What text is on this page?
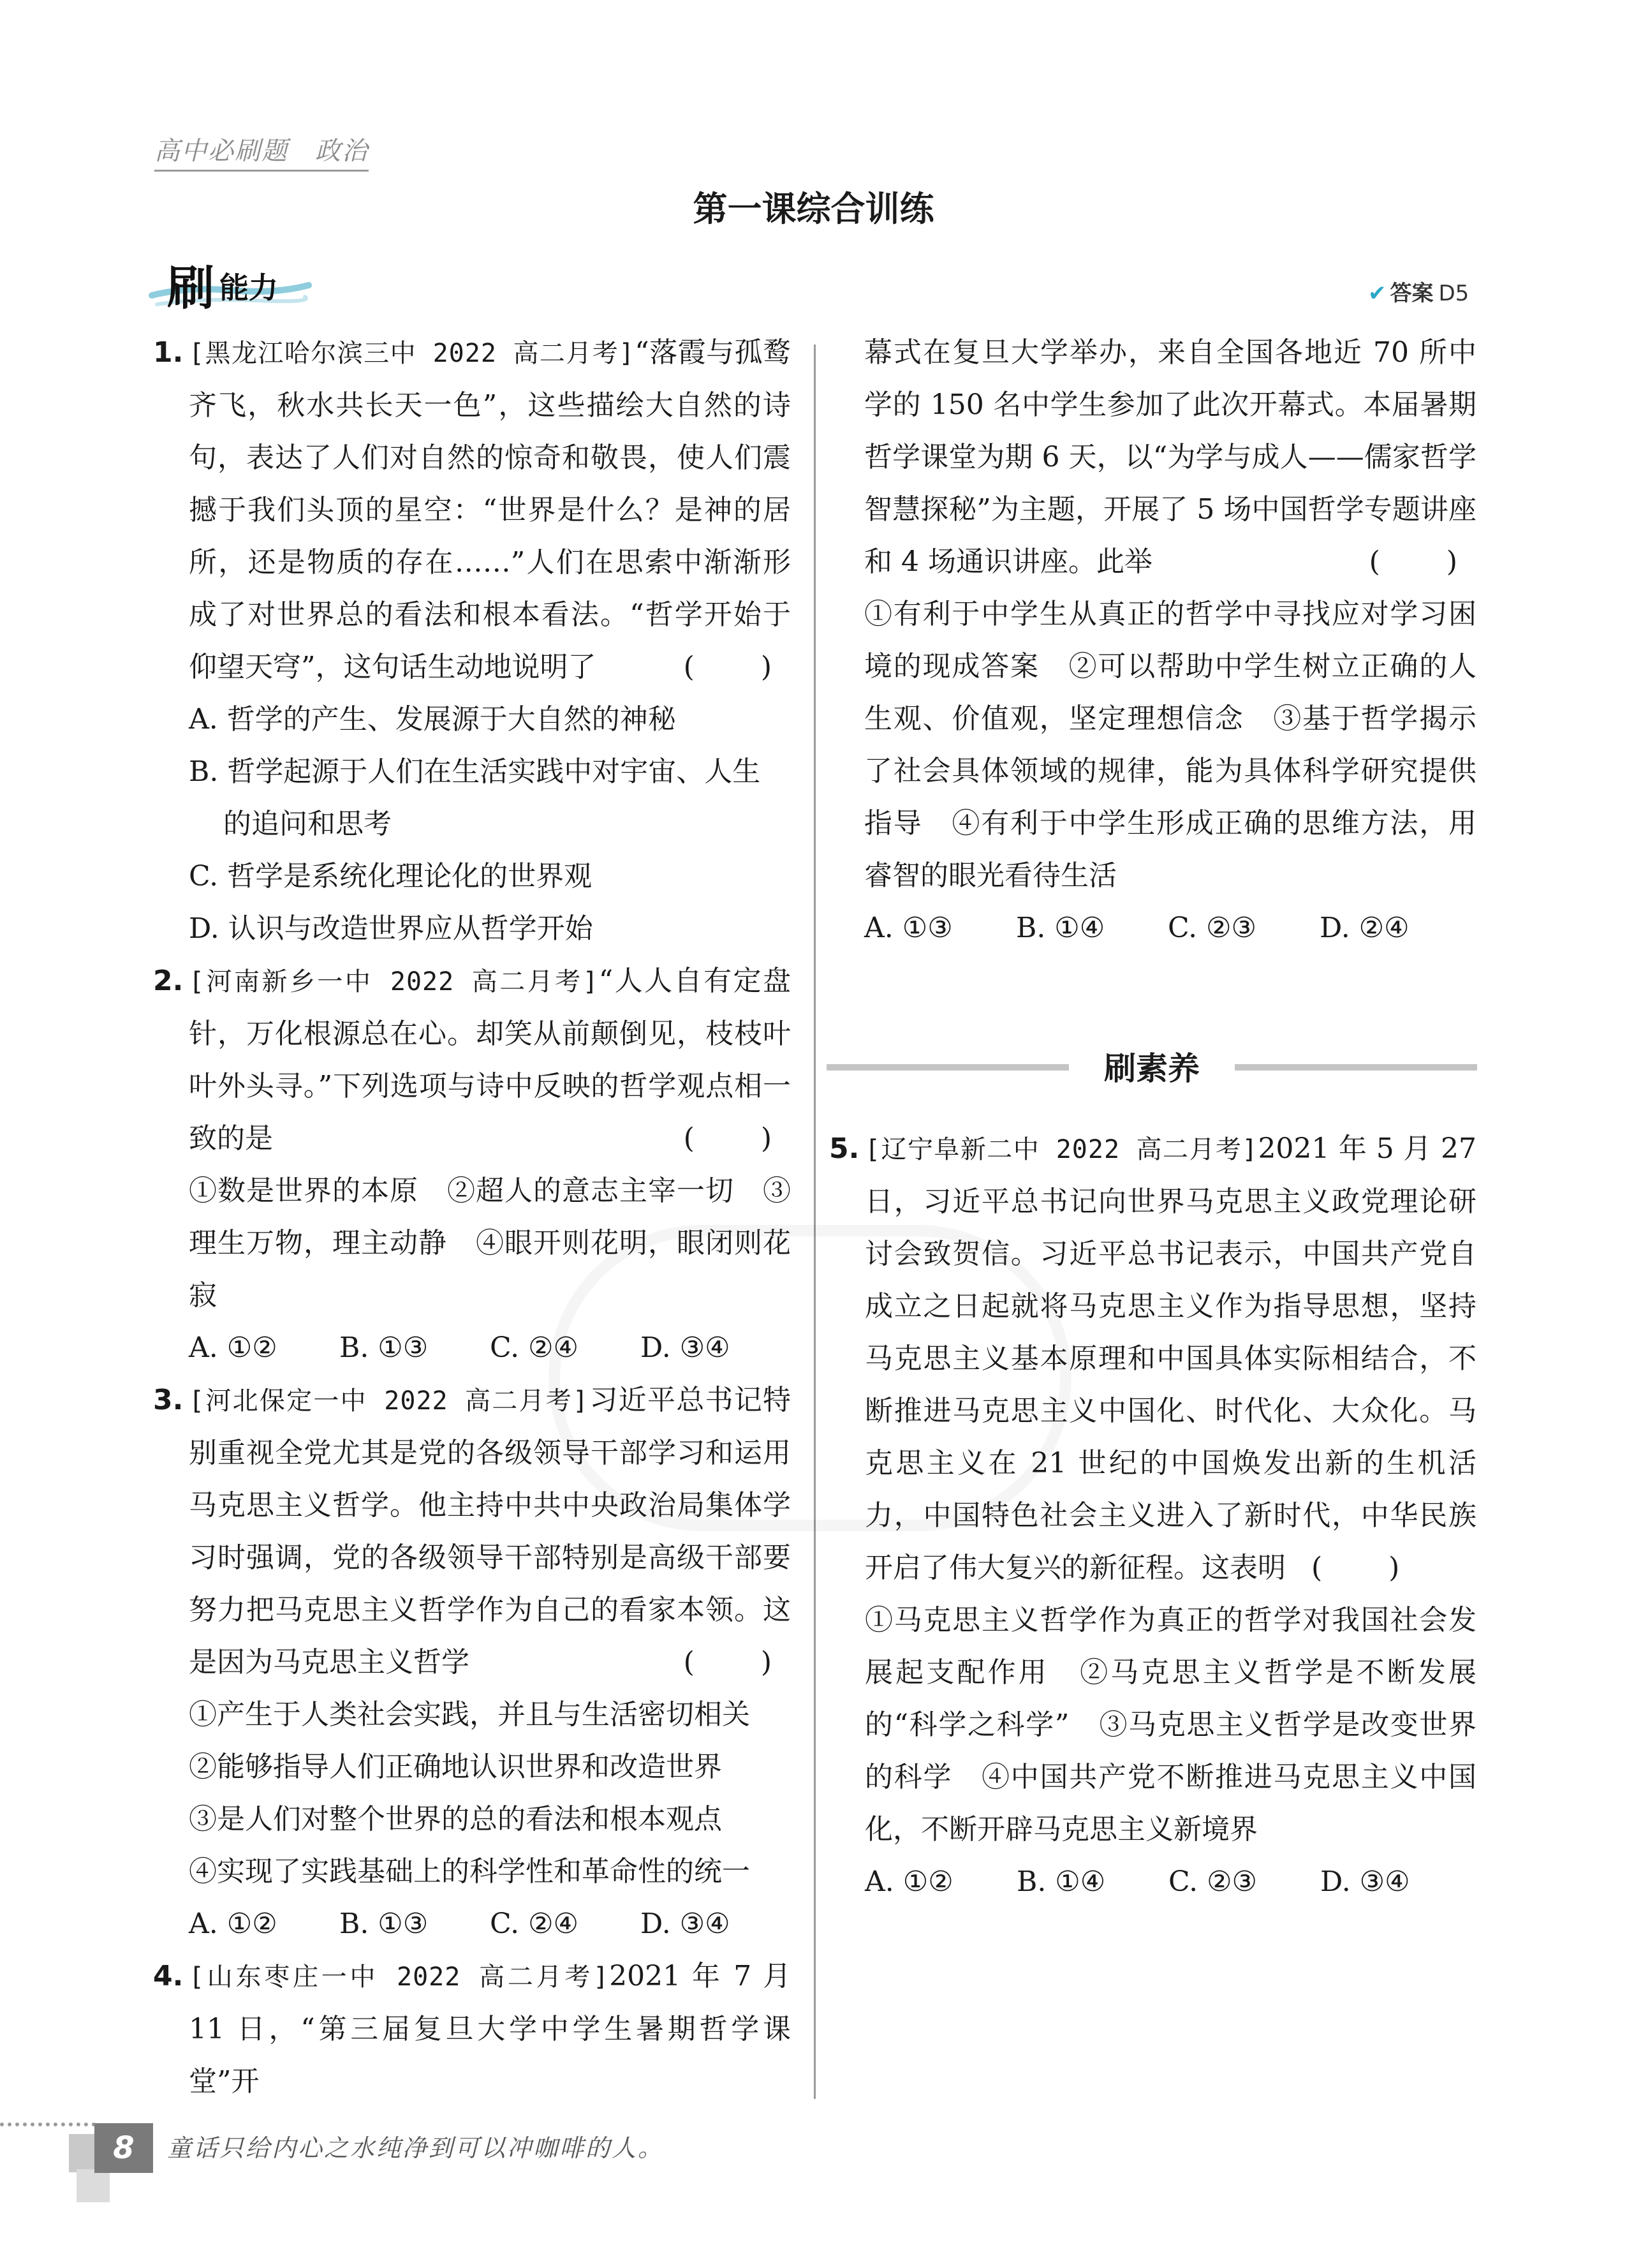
高中必刷题　政治
第一课综合训练
刷 能力	✔ 答案 D5

1. [黑龙江哈尔滨三中 2022 高二月考]“落霞与孤鹜齐飞，秋水共长天一色”，这些描绘大自然的诗句，表达了人们对自然的惊奇和敬畏，使人们震撼于我们头顶的星空：“世界是什么？是神的居所，还是物质的存在……”人们在思索中渐渐形成了对世界总的看法和根本看法。“哲学开始于仰望天穹”，这句话生动地说明了	(　)

A. 哲学的产生、发展源于大自然的神秘

B. 哲学起源于人们在生活实践中对宇宙、人生

的追问和思考

C. 哲学是系统化理论化的世界观

D. 认识与改造世界应从哲学开始

2. [河南新乡一中 2022 高二月考]“人人自有定盘针，万化根源总在心。却笑从前颠倒见，枝枝叶叶外头寻。”下列选项与诗中反映的哲学观点相一致的是	(　)

①数是世界的本原　②超人的意志主宰一切　③理生万物，理主动静　④眼开则花明，眼闭则花寂

A. ①②	B. ①③	C. ②④	D. ③④

3. [河北保定一中 2022 高二月考]习近平总书记特别重视全党尤其是党的各级领导干部学习和运用马克思主义哲学。他主持中共中央政治局集体学习时强调，党的各级领导干部特别是高级干部要努力把马克思主义哲学作为自己的看家本领。这是因为马克思主义哲学	(　)

①产生于人类社会实践，并且与生活密切相关

②能够指导人们正确地认识世界和改造世界

③是人们对整个世界的总的看法和根本观点

④实现了实践基础上的科学性和革命性的统一

A. ①②	B. ①③	C. ②④	D. ③④

4. [山东枣庄一中 2022 高二月考]2021 年 7 月 11 日，“第三届复旦大学中学生暑期哲学课堂”开

幕式在复旦大学举办，来自全国各地近 70 所中学的 150 名中学生参加了此次开幕式。本届暑期哲学课堂为期 6 天，以“为学与成人——儒家哲学智慧探秘”为主题，开展了 5 场中国哲学专题讲座和 4 场通识讲座。此举	(　)

①有利于中学生从真正的哲学中寻找应对学习困境的现成答案　②可以帮助中学生树立正确的人生观、价值观，坚定理想信念　③基于哲学揭示了社会具体领域的规律，能为具体科学研究提供指导　④有利于中学生形成正确的思维方法，用睿智的眼光看待生活

A. ①③	B. ①④	C. ②③	D. ②④
刷素养

5. [辽宁阜新二中 2022 高二月考]2021 年 5 月 27 日，习近平总书记向世界马克思主义政党理论研讨会致贺信。习近平总书记表示，中国共产党自成立之日起就将马克思主义作为指导思想，坚持马克思主义基本原理和中国具体实际相结合，不断推进马克思主义中国化、时代化、大众化。马克思主义在 21 世纪的中国焕发出新的生机活力，中国特色社会主义进入了新时代，中华民族开启了伟大复兴的新征程。这表明 (　)

①马克思主义哲学作为真正的哲学对我国社会发展起支配作用　②马克思主义哲学是不断发展的“科学之科学”　③马克思主义哲学是改变世界的科学　④中国共产党不断推进马克思主义中国化，不断开辟马克思主义新境界

A. ①②	B. ①④	C. ②③	D. ③④
8	童话只给内心之水纯净到可以冲咖啡的人。
